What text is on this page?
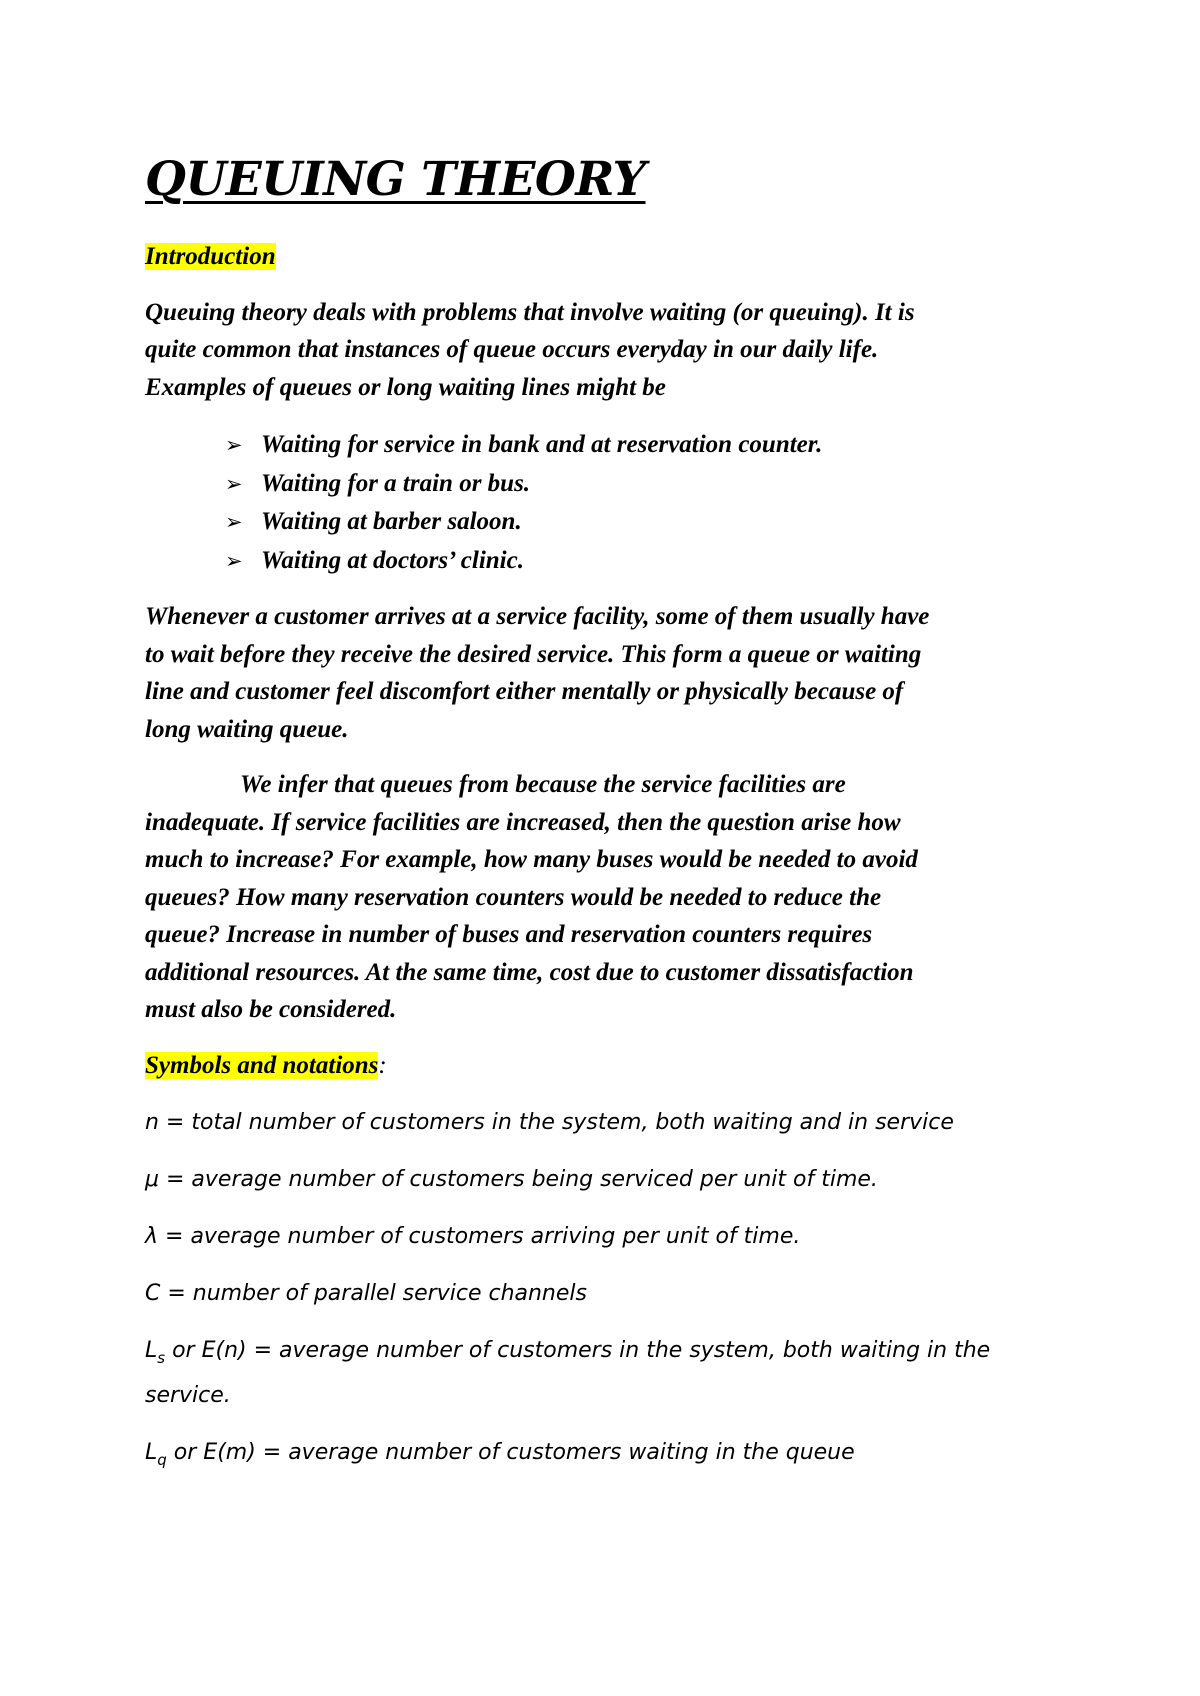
QUEUING THEORY
Introduction

Queuing theory deals with problems that involve waiting (or queuing). It is
quite common that instances of queue occurs everyday in our daily life.
Examples of queues or long waiting lines might be

➢ Waiting for service in bank and at reservation counter.
➢ Waiting for a train or bus.
➢ Waiting at barber saloon.
➢ Waiting at doctors’ clinic.

Whenever a customer arrives at a service facility, some of them usually have
to wait before they receive the desired service. This form a queue or waiting
line and customer feel discomfort either mentally or physically because of
long waiting queue.

We infer that queues from because the service facilities are
inadequate. If service facilities are increased, then the question arise how
much to increase? For example, how many buses would be needed to avoid
queues? How many reservation counters would be needed to reduce the
queue? Increase in number of buses and reservation counters requires
additional resources. At the same time, cost due to customer dissatisfaction
must also be considered.

Symbols and notations:

n = total number of customers in the system, both waiting and in service

μ = average number of customers being serviced per unit of time.

λ = average number of customers arriving per unit of time.

C = number of parallel service channels

$L_s$ or E(n) = average number of customers in the system, both waiting in the
service.

$L_q$ or E(m) = average number of customers waiting in the queue
